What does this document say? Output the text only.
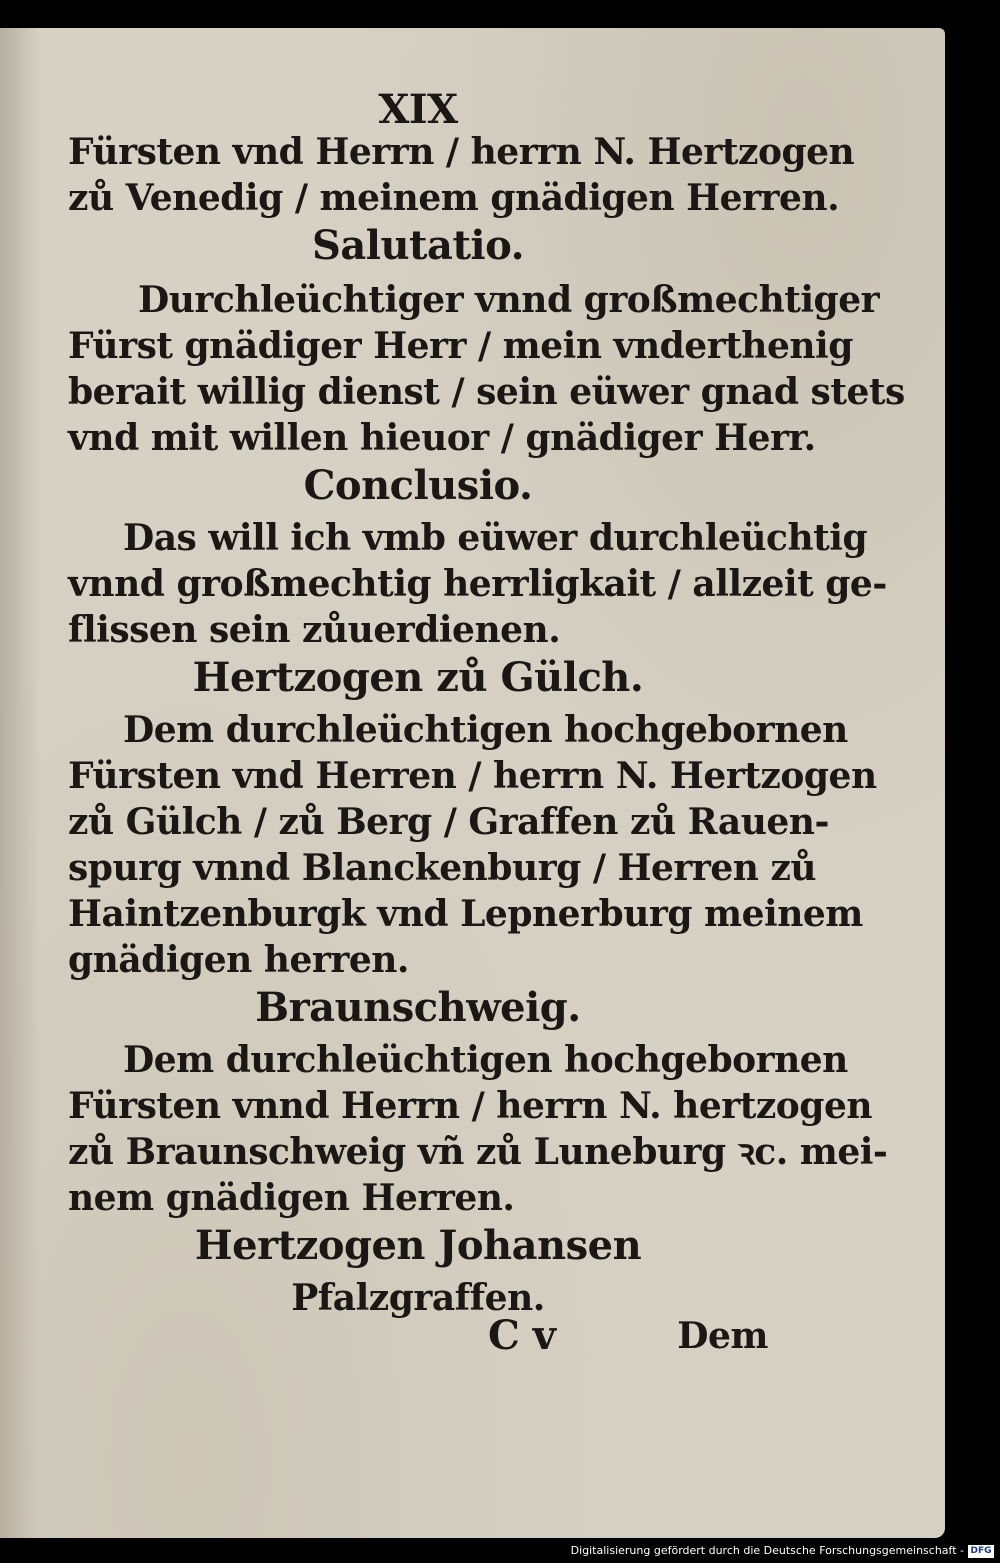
XIX
Fürsten vnd Herrn / herrn N. Hertzogen
zů Venedig / meinem gnädigen Herren.
Salutatio.
Durchleüchtiger vnnd großmechtiger
Fürst gnädiger Herr / mein vnderthenig
berait willig dienst / sein eüwer gnad stets
vnd mit willen hieuor / gnädiger Herr.
Conclusio.
Das will ich vmb eüwer durchleüchtig
vnnd großmechtig herrligkait / allzeit ge-
flissen sein zůuerdienen.
Hertzogen zů Gülch.
Dem durchleüchtigen hochgebornen
Fürsten vnd Herren / herrn N. Hertzogen
zů Gülch / zů Berg / Graffen zů Rauen-
spurg vnnd Blanckenburg / Herren zů
Haintzenburgk vnd Lepnerburg meinem
gnädigen herren.
Braunschweig.
Dem durchleüchtigen hochgebornen
Fürsten vnnd Herrn / herrn N. hertzogen
zů Braunschweig vñ zů Luneburg ꝛc. mei-
nem gnädigen Herren.
Hertzogen Johansen
Pfalzgraffen.
C v	Dem
Digitalisierung gefördert durch die Deutsche Forschungsgemeinschaft - DFG
